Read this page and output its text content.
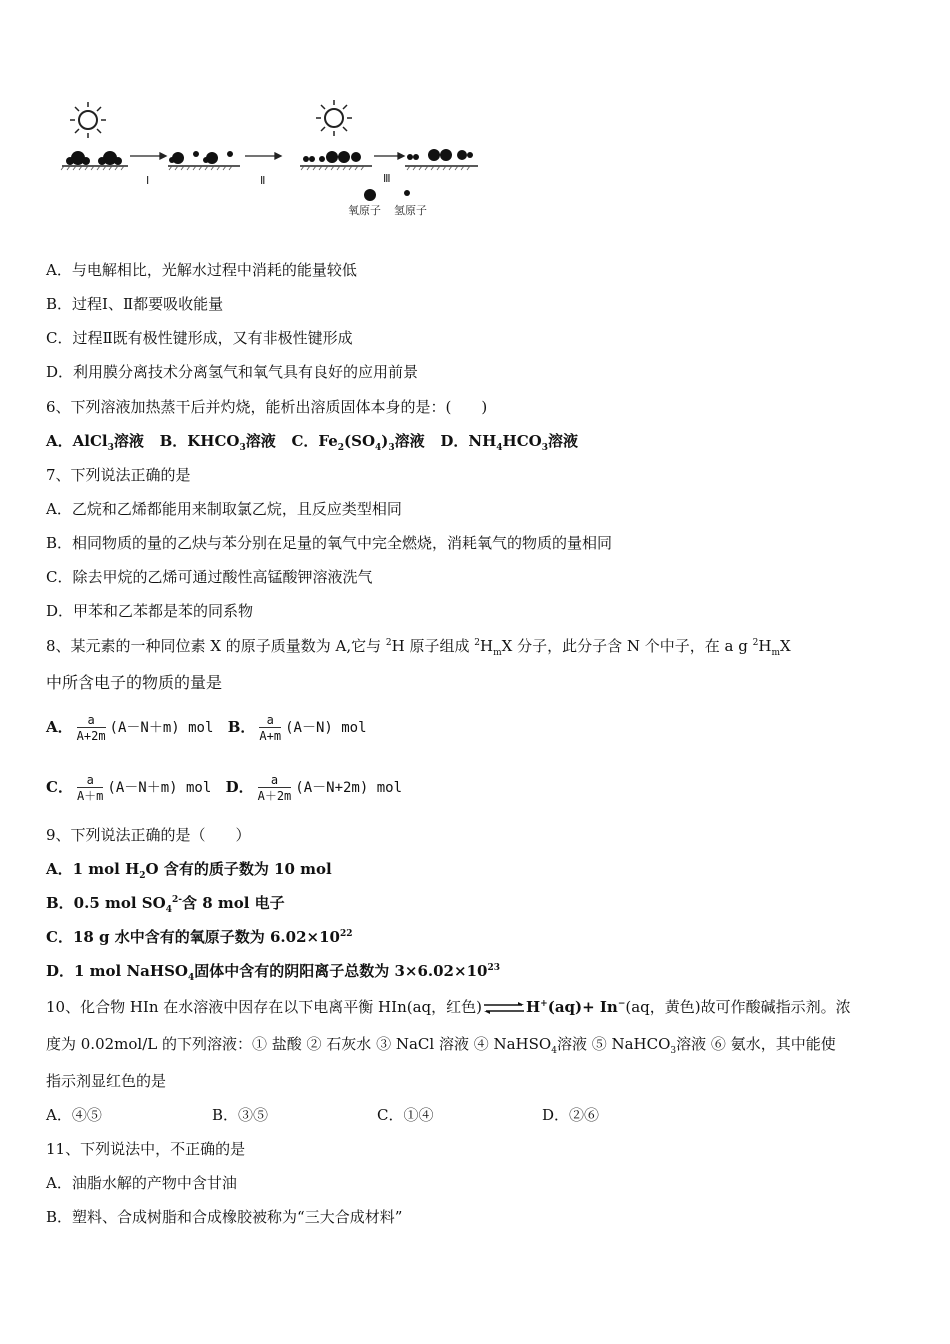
Ⅰ	Ⅱ	Ⅲ
氧原子 氢原子
A．与电解相比，光解水过程中消耗的能量较低
B．过程Ⅰ、Ⅱ都要吸收能量
C．过程Ⅱ既有极性键形成，又有非极性键形成
D．利用膜分离技术分离氢气和氧气具有良好的应用前景
6、下列溶液加热蒸干后并灼烧，能析出溶质固体本身的是：(　　)
A．AlCl$_3$溶液 B．$KHCO_3$溶液 C．$Fe_2(SO_4)_3$溶液 D．$NH_4HCO_3$溶液
7、下列说法正确的是
A．乙烷和乙烯都能用来制取氯乙烷，且反应类型相同
B．相同物质的量的乙炔与苯分别在足量的氧气中完全燃烧，消耗氧气的物质的量相同
C．除去甲烷的乙烯可通过酸性高锰酸钾溶液洗气
D．甲苯和乙苯都是苯的同系物
8、某元素的一种同位素 X 的原子质量数为 A,它与 $^2$H 原子组成 $^2H_mX$ 分子，此分子含 N 个中子，在 a g $^2H_mX$
中所含电子的物质的量是
A． $\frac{a}{A+2m} (A-N+m)$ mol B． $\frac{a}{A+m} (A-N)$ mol
C． $\frac{a}{A+m} (A-N+m)$ mol D． $\frac{a}{A+2m} (A-N+2m)$ mol
9、下列说法正确的是（　　）
A．1 mol $H_2O$ 含有的质子数为 10 mol
B．0.5 mol $SO_4^{2-}$含 8 mol 电子
C．18 g 水中含有的氧原子数为 $6.02\times 10^{22}$
D．1 mol NaHSO$_4$固体中含有的阴阳离子总数为 $3\times 6.02\times 10^{23}$
10、化合物 HIn 在水溶液中因存在以下电离平衡 HIn(aq，红色)⇌H+(aq)+ In−(aq，黄色)故可作酸碱指示剂。浓
度为 0.02mol/L 的下列溶液：① 盐酸 ② 石灰水 ③ NaCl 溶液 ④ NaHSO$_4$溶液 ⑤ NaHCO$_3$溶液 ⑥ 氨水，其中能使
指示剂显红色的是
A．④⑤	B．③⑤	C．①④	D．②⑥
11、下列说法中，不正确的是
A．油脂水解的产物中含甘油
B．塑料、合成树脂和合成橡胶被称为“三大合成材料”
